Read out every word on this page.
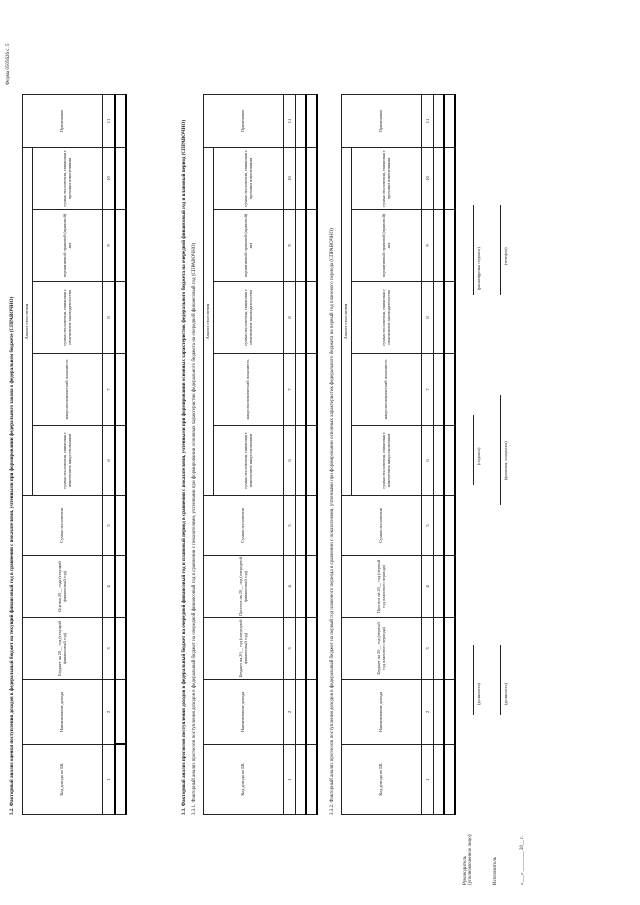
Форма 0505626 с. 5
3.2. Факторный анализ оценки поступления доходов в федеральный бюджет на текущий финансовый год в сравнении с показателями, учтенными при формировании федерального закона о федеральном бюджете (СПРАВОЧНО)	Код дохода по БК	Наименование дохода	Бюджет на 20__ год (текущий финансовый год)	Оценка 20__ года (текущий финансовый год)	Сумма отклонения	Анализ отклонения					Примечание
					сумма отклонения, связанная с изменением макроэкономики	макроэкономический показатель	сумма отклонения, связанная с изменением законодательства	нормативный правовой (правовой) акт	сумма отклонения, связанная с прочими изменениями	
1	2	3	4	5	6	7	8	9	10	11
											3.3. Факторный анализ прогнозов поступления доходов в федеральный бюджет на очередной финансовый год и плановый период в сравнении с показателями, учтенными при формировании основных характеристик федерального бюджета на очередной финансовый год и плановый период (СПРАВОЧНО) 3.3.1. Факторный анализ прогнозов поступления доходов в федеральный бюджет на очередной финансовый год в сравнении с показателями, учтенными при формировании основных характеристик федерального бюджета на очередной финансовый год (СПРАВОЧНО)	Код дохода по БК	Наименование дохода	Бюджет на 20__ год (очередной финансовый год)	Прогноз на 20__ год (очередной финансовый год)	Сумма отклонения	Анализ отклонения					Примечание
					сумма отклонения, связанная с изменением макроэкономики	макроэкономический показатель	сумма отклонения, связанная с изменением законодательства	нормативный правовой (правовой) акт	сумма отклонения, связанная с прочими изменениями	
1	2	3	4	5	6	7	8	9	10	11

3.3.2. Факторный анализ прогнозов поступления доходов в федеральный бюджет на первый год планового периода в сравнении с показателями, учтенными при формировании основных характеристик федерального бюджета на первый год планового периода (СПРАВОЧНО)	Код дохода по БК	Наименование дохода	Бюджет на 20__ год (первый год планового периода)	Прогноз на 20__ год (первый год планового периода)	Сумма отклонения	Анализ отклонения					Примечание
					сумма отклонения, связанная с изменением макроэкономики	макроэкономический показатель	сумма отклонения, связанная с изменением законодательства	нормативный правовой (правовой) акт	сумма отклонения, связанная с прочими изменениями	
1	2	3	4	5	6	7	8	9	10	11

Руководитель (уполномоченное лицо)
(должность)
(подпись)
(расшифровка подписи)
Исполнитель
(должность)
(фамилия, инициалы)
(телефон)
«___» ________ 20__ г.
